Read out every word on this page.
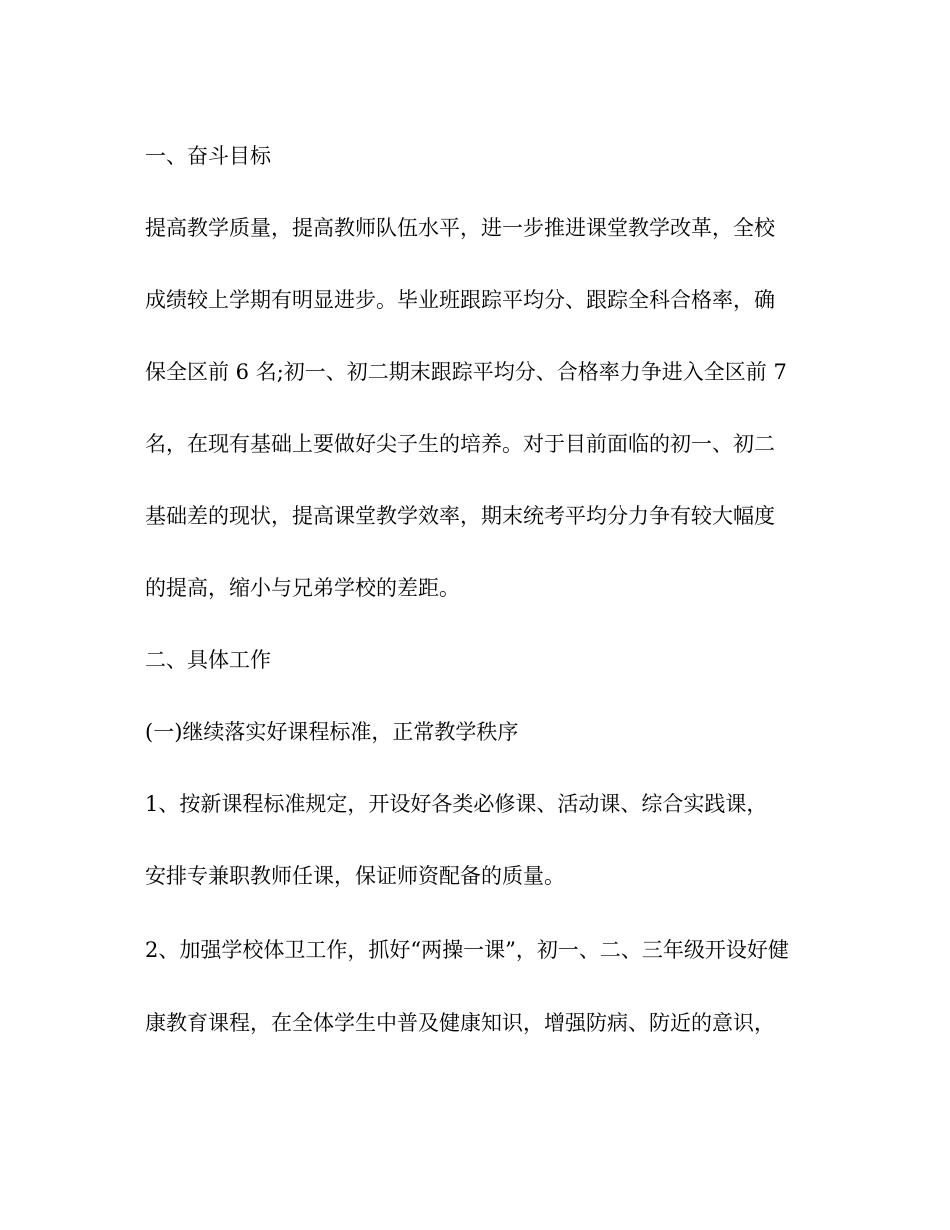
一、奋斗目标
提高教学质量，提高教师队伍水平，进一步推进课堂教学改革，全校
成绩较上学期有明显进步。毕业班跟踪平均分、跟踪全科合格率，确
保全区前 6 名;初一、初二期末跟踪平均分、合格率力争进入全区前 7
名，在现有基础上要做好尖子生的培养。对于目前面临的初一、初二
基础差的现状，提高课堂教学效率，期末统考平均分力争有较大幅度
的提高，缩小与兄弟学校的差距。
二、具体工作
(一)继续落实好课程标准，正常教学秩序
1、按新课程标准规定，开设好各类必修课、活动课、综合实践课，
安排专兼职教师任课，保证师资配备的质量。
2、加强学校体卫工作，抓好“两操一课”，初一、二、三年级开设好健
康教育课程，在全体学生中普及健康知识，增强防病、防近的意识，
